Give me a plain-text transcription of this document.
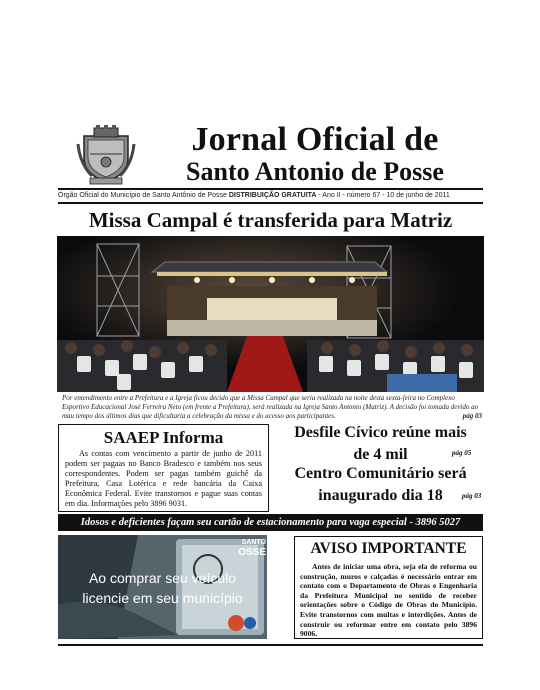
Jornal Oficial de
Santo Antonio de Posse
Órgão Oficial do Município de Santo Antônio de Posse DISTRIBUIÇÃO GRATUITA - Ano II - número 67 - 10 de junho de 2011
Missa Campal é transferida para Matriz
Por entendimento entre a Prefeitura e a Igreja ficou decido que a Missa Campal que seria realizada na noite desta sexta-feira no Complexo Esportivo Educacional José Ferreira Neto (em frente a Prefeitura), será realizada na Igreja Santo Antonio (Matriz). A decisão foi tomada devido ao mau tempo dos últimos dias que dificultaria a celebração da missa e do acesso aos participantes.	pág 03
SAAEP Informa

As contas com vencimento a partir de junho de 2011 podem ser pagaas no Banco Bradesco e também nos seus correspondentes. Podem ser pagas também guichê da Prefeitura, Casa Lotérica e rede bancária da Caixa Econômica Federal. Evite transtornos e pague suas contas em dia. Informações pelo 3896 9031.

Desfile Cívico reúne mais
de 4 mil	pág 05
Centro Comunitário será
inaugurado dia 18	pág 03
Idosos e deficientes façam seu cartão de estacionamento para vaga especial - 3896 5027
SANTO
OSSE
Ao comprar seu veículo
licencie em seu município
AVISO IMPORTANTE

Antes de iniciar uma obra, seja ela de reforma ou construção, muros e calçadas é necessário entrar em contato com o Departamento de Obras e Engenharia da Prefeitura Municipal no sentido de receber orientações sobre o Código de Obras do Município. Evite transtornos com multas e interdições. Antes de construir ou reformar entre em contato pelo 3896 9006.
